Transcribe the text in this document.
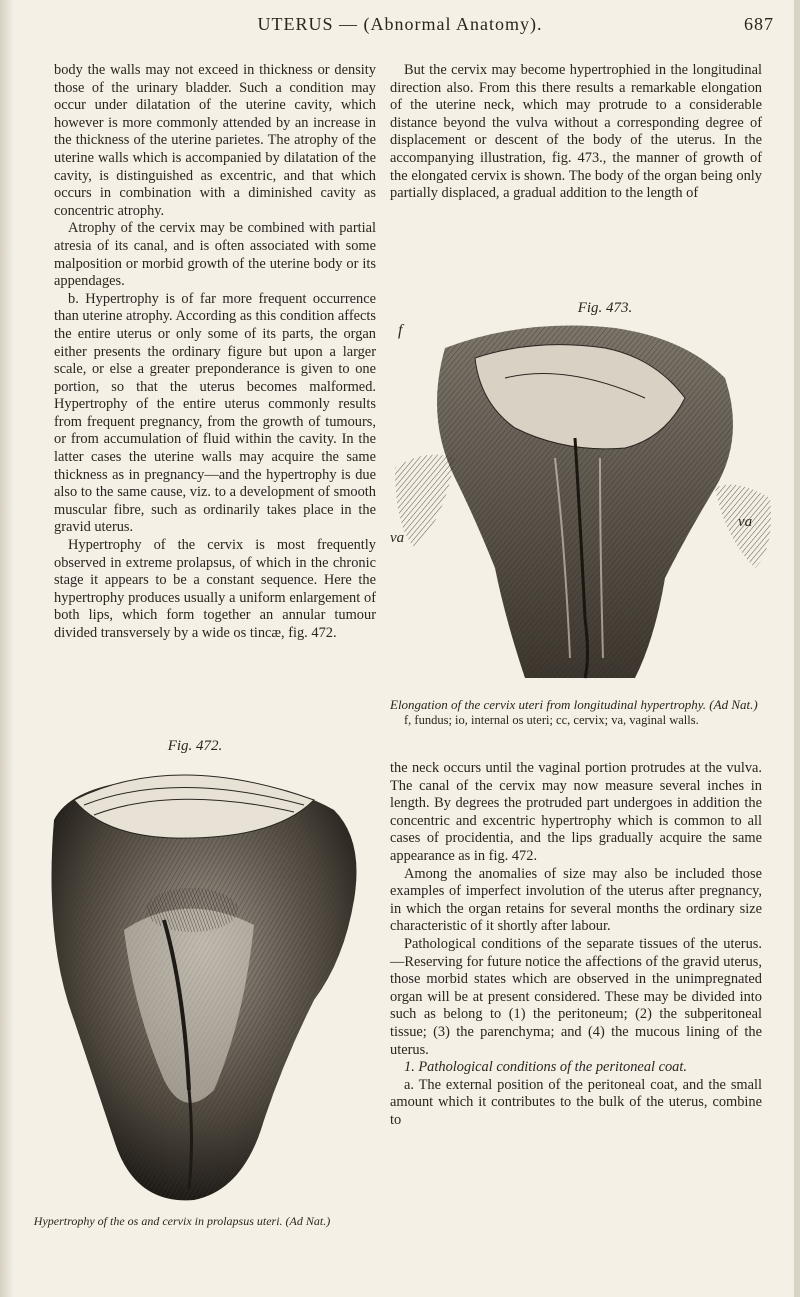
UTERUS — (Abnormal Anatomy).	687

body the walls may not exceed in thickness or density those of the urinary bladder. Such a condition may occur under dilatation of the uterine cavity, which however is more commonly attended by an increase in the thickness of the uterine parietes. The atrophy of the uterine walls which is accompanied by dilatation of the cavity, is distinguished as excentric, and that which occurs in combination with a diminished cavity as concentric atrophy.

Atrophy of the cervix may be combined with partial atresia of its canal, and is often associated with some malposition or morbid growth of the uterine body or its appendages.

b. Hypertrophy is of far more frequent occurrence than uterine atrophy. According as this condition affects the entire uterus or only some of its parts, the organ either presents the ordinary figure but upon a larger scale, or else a greater preponderance is given to one portion, so that the uterus becomes malformed. Hypertrophy of the entire uterus commonly results from frequent pregnancy, from the growth of tumours, or from accumulation of fluid within the cavity. In the latter cases the uterine walls may acquire the same thickness as in pregnancy—and the hypertrophy is due also to the same cause, viz. to a development of smooth muscular fibre, such as ordinarily takes place in the gravid uterus.

Hypertrophy of the cervix is most frequently observed in extreme prolapsus, of which in the chronic stage it appears to be a constant sequence. Here the hypertrophy produces usually a uniform enlargement of both lips, which form together an annular tumour divided transversely by a wide os tincæ, fig. 472.

Fig. 472.
Hypertrophy of the os and cervix in prolapsus uteri. (Ad Nat.)

But the cervix may become hypertrophied in the longitudinal direction also. From this there results a remarkable elongation of the uterine neck, which may protrude to a considerable distance beyond the vulva without a corresponding degree of displacement or descent of the body of the uterus. In the accompanying illustration, fig. 473., the manner of growth of the elongated cervix is shown. The body of the organ being only partially displaced, a gradual addition to the length of

Fig. 473.
f
va
va
Elongation of the cervix uteri from longitudinal hypertrophy. (Ad Nat.)
f, fundus; io, internal os uteri; cc, cervix; va, vaginal walls.

the neck occurs until the vaginal portion protrudes at the vulva. The canal of the cervix may now measure several inches in length. By degrees the protruded part undergoes in addition the concentric and excentric hypertrophy which is common to all cases of procidentia, and the lips gradually acquire the same appearance as in fig. 472.

Among the anomalies of size may also be included those examples of imperfect involution of the uterus after pregnancy, in which the organ retains for several months the ordinary size characteristic of it shortly after labour.

Pathological conditions of the separate tissues of the uterus.—Reserving for future notice the affections of the gravid uterus, those morbid states which are observed in the unimpregnated organ will be at present considered. These may be divided into such as belong to (1) the peritoneum; (2) the subperitoneal tissue; (3) the parenchyma; and (4) the mucous lining of the uterus.

1. Pathological conditions of the peritoneal coat.

a. The external position of the peritoneal coat, and the small amount which it contributes to the bulk of the uterus, combine to
